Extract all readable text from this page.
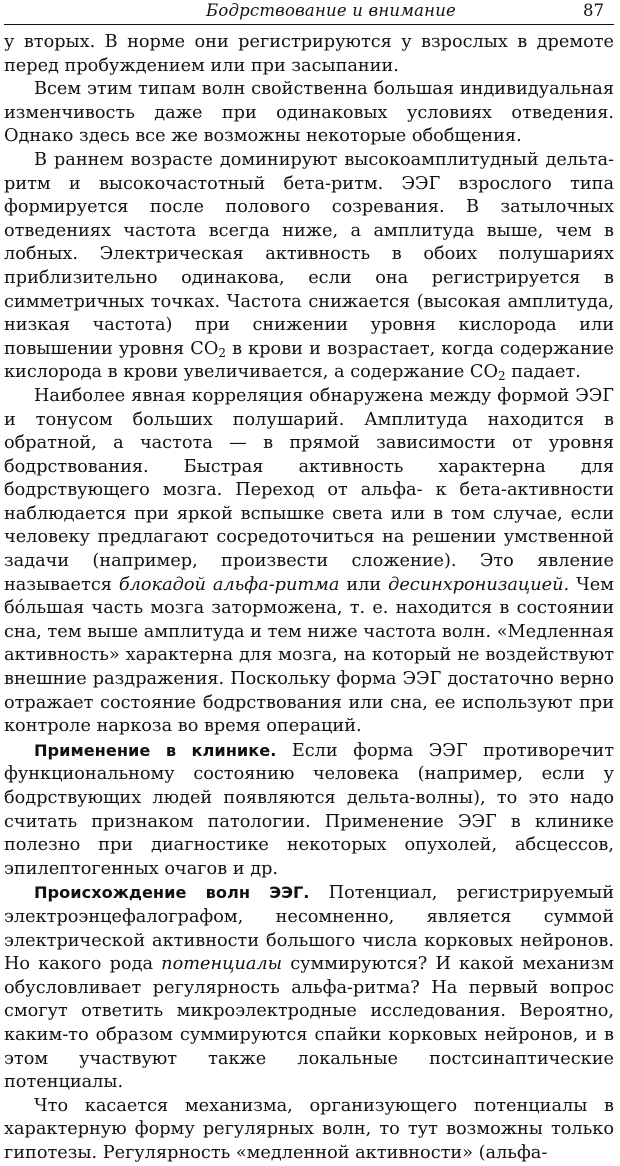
Бодрствование и внимание	87

у вторых. В норме они регистрируются у взрослых в дремоте перед пробуждением или при засыпании.

Всем этим типам волн свойственна большая индивидуальная изменчивость даже при одинаковых условиях отведения. Однако здесь все же возможны некоторые обобщения.

В раннем возрасте доминируют высокоамплитудный дельта-ритм и высокочастотный бета-ритм. ЭЭГ взрослого типа формируется после полового созревания. В затылочных отведениях частота всегда ниже, а амплитуда выше, чем в лобных. Электрическая активность в обоих полушариях приблизительно одинакова, если она регистрируется в симметричных точках. Частота снижается (высокая амплитуда, низкая частота) при снижении уровня кислорода или повышении уровня $CO_2$ в крови и возрастает, когда содержание кислорода в крови увеличивается, а содержание $CO_2$ падает.

Наиболее явная корреляция обнаружена между формой ЭЭГ и тонусом больших полушарий. Амплитуда находится в обратной, а частота — в прямой зависимости от уровня бодрствования. Быстрая активность характерна для бодрствующего мозга. Переход от альфа- к бета-активности наблюдается при яркой вспышке света или в том случае, если человеку предлагают сосредоточиться на решении умственной задачи (например, произвести сложение). Это явление называется блокадой альфа-ритма или десинхронизацией. Чем бо́льшая часть мозга заторможена, т. е. находится в состоянии сна, тем выше амплитуда и тем ниже частота волн. «Медленная активность» характерна для мозга, на который не воздействуют внешние раздражения. Поскольку форма ЭЭГ достаточно верно отражает состояние бодрствования или сна, ее используют при контроле наркоза во время операций.

Применение в клинике. Если форма ЭЭГ противоречит функциональному состоянию человека (например, если у бодрствующих людей появляются дельта-волны), то это надо считать признаком патологии. Применение ЭЭГ в клинике полезно при диагностике некоторых опухолей, абсцессов, эпилептогенных очагов и др.

Происхождение волн ЭЭГ. Потенциал, регистрируемый электроэнцефалографом, несомненно, является суммой электрической активности большого числа корковых нейронов. Но какого рода потенциалы суммируются? И какой механизм обусловливает регулярность альфа-ритма? На первый вопрос смогут ответить микроэлектродные исследования. Вероятно, каким-то образом суммируются спайки корковых нейронов, и в этом участвуют также локальные постсинаптические потенциалы.

Что касается механизма, организующего потенциалы в характерную форму регулярных волн, то тут возможны только гипотезы. Регулярность «медленной активности» (альфа-
